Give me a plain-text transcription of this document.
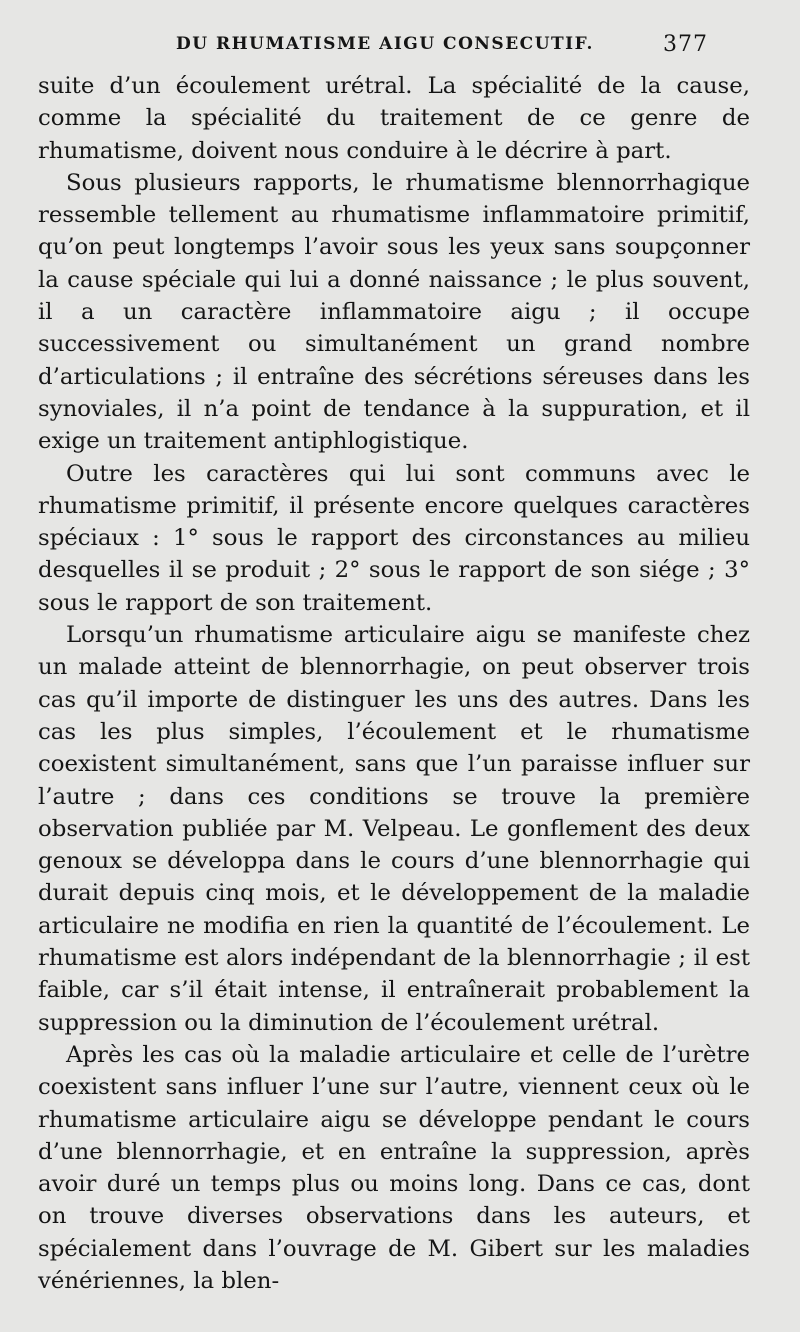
DU RHUMATISME AIGU CONSECUTIF.	377

suite d’un écoulement urétral. La spécialité de la cause, comme la spécialité du traitement de ce genre de rhumatisme, doivent nous conduire à le décrire à part.

Sous plusieurs rapports, le rhumatisme blennorrhagique ressemble tellement au rhumatisme inflammatoire primitif, qu’on peut longtemps l’avoir sous les yeux sans soupçonner la cause spéciale qui lui a donné naissance ; le plus souvent, il a un caractère inflammatoire aigu ; il occupe successivement ou simultanément un grand nombre d’articulations ; il entraîne des sécrétions séreuses dans les synoviales, il n’a point de tendance à la suppuration, et il exige un traitement antiphlogistique.

Outre les caractères qui lui sont communs avec le rhumatisme primitif, il présente encore quelques caractères spéciaux : 1° sous le rapport des circonstances au milieu desquelles il se produit ; 2° sous le rapport de son siége ; 3° sous le rapport de son traitement.

Lorsqu’un rhumatisme articulaire aigu se manifeste chez un malade atteint de blennorrhagie, on peut observer trois cas qu’il importe de distinguer les uns des autres. Dans les cas les plus simples, l’écoulement et le rhumatisme coexistent simultanément, sans que l’un paraisse influer sur l’autre ; dans ces conditions se trouve la première observation publiée par M. Velpeau. Le gonflement des deux genoux se développa dans le cours d’une blennorrhagie qui durait depuis cinq mois, et le développement de la maladie articulaire ne modifia en rien la quantité de l’écoulement. Le rhumatisme est alors indépendant de la blennorrhagie ; il est faible, car s’il était intense, il entraînerait probablement la suppression ou la diminution de l’écoulement urétral.

Après les cas où la maladie articulaire et celle de l’urètre coexistent sans influer l’une sur l’autre, viennent ceux où le rhumatisme articulaire aigu se développe pendant le cours d’une blennorrhagie, et en entraîne la suppression, après avoir duré un temps plus ou moins long. Dans ce cas, dont on trouve diverses observations dans les auteurs, et spécialement dans l’ouvrage de M. Gibert sur les maladies vénériennes, la blen-
